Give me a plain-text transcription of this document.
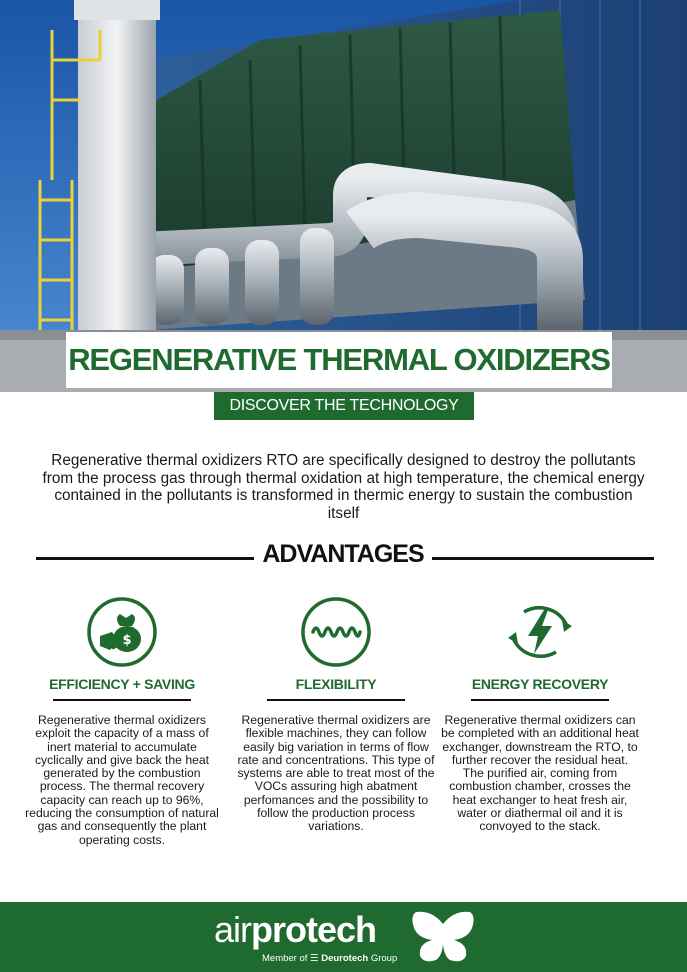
REGENERATIVE THERMAL OXIDIZERS
DISCOVER THE TECHNOLOGY

Regenerative thermal oxidizers RTO are specifically designed to destroy the pollutants from the process gas through thermal oxidation at high temperature, the chemical energy contained in the pollutants is transformed in thermic energy to sustain the combustion itself

ADVANTAGES
$
EFFICIENCY + SAVING

Regenerative thermal oxidizers exploit the capacity of a mass of inert material to accumulate cyclically and give back the heat generated by the combustion process. The thermal recovery capacity can reach up to 96%, reducing the consumption of natural gas and consequently the plant operating costs.

FLEXIBILITY

Regenerative thermal oxidizers are flexible machines, they can follow easily big variation in terms of flow rate and concentrations. This type of systems are able to treat most of the VOCs assuring high abatment perfomances and the possibility to follow the production process variations.

ENERGY RECOVERY

Regenerative thermal oxidizers can be completed with an additional heat exchanger, downstream the RTO, to further recover the residual heat. The purified air, coming from combustion chamber, crosses the heat exchanger to heat fresh air, water or diathermal oil and it is convoyed to the stack.

airprotech
Member of ☰ Deurotech Group
